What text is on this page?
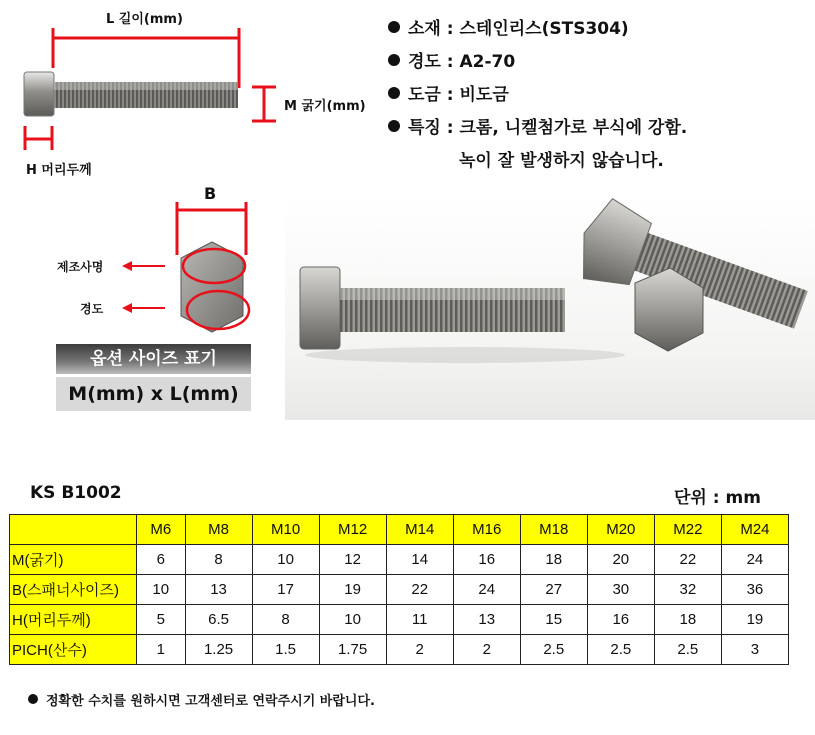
L 길이(mm)
M 굵기(mm)
H 머리두께
소재 : 스테인리스(STS304)
경도 : A2-70
도금 : 비도금
특징 : 크롬, 니켈첨가로 부식에 강함.
녹이 잘 발생하지 않습니다.
B
제조사명
경도
옵션 사이즈 표기
M(mm) x L(mm)
KS B1002	단위 : mm
	M6	M8	M10	M12	M14	M16	M18	M20	M22	M24
M(굵기)	6	8	10	12	14	16	18	20	22	24
B(스패너사이즈)	10	13	17	19	22	24	27	30	32	36
H(머리두께)	5	6.5	8	10	11	13	15	16	18	19
PICH(산수)	1	1.25	1.5	1.75	2	2	2.5	2.5	2.5	3
정확한 수치를 원하시면 고객센터로 연락주시기 바랍니다.
